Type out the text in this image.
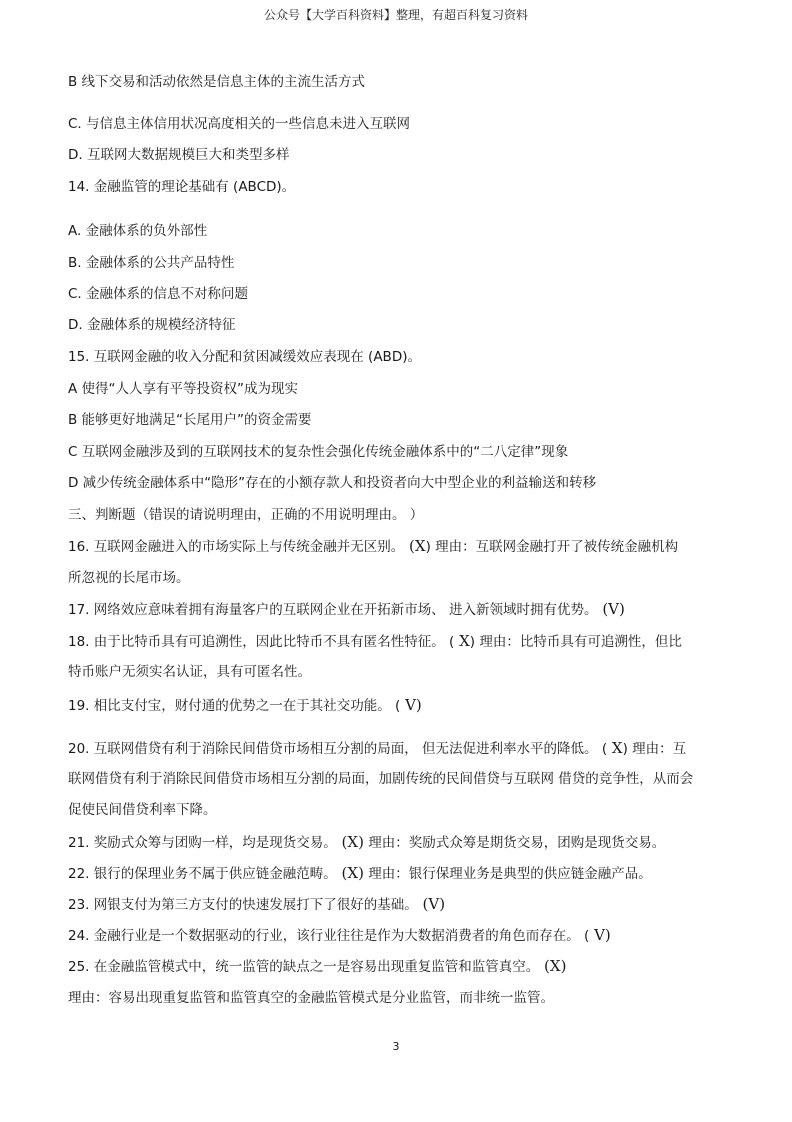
公众号【大学百科资料】整理，有超百科复习资料
B 线下交易和活动依然是信息主体的主流生活方式
C. 与信息主体信用状况高度相关的一些信息未进入互联网
D. 互联网大数据规模巨大和类型多样
14. 金融监管的理论基础有 (ABCD)。
A. 金融体系的负外部性
B. 金融体系的公共产品特性
C. 金融体系的信息不对称问题
D. 金融体系的规模经济特征
15. 互联网金融的收入分配和贫困减缓效应表现在 (ABD)。
A 使得“人人享有平等投资权”成为现实
B 能够更好地满足“长尾用户”的资金需要
C 互联网金融涉及到的互联网技术的复杂性会强化传统金融体系中的“二八定律”现象
D 减少传统金融体系中“隐形”存在的小额存款人和投资者向大中型企业的利益输送和转移
三、判断题（错误的请说明理由，正确的不用说明理由。 ）
16. 互联网金融进入的市场实际上与传统金融并无区别。 (X) 理由：互联网金融打开了被传统金融机构
所忽视的长尾市场。
17. 网络效应意味着拥有海量客户的互联网企业在开拓新市场、 进入新领域时拥有优势。 (V)
18. 由于比特币具有可追溯性，因此比特币不具有匿名性特征。 ( X) 理由：比特币具有可追溯性，但比
特币账户无须实名认证，具有可匿名性。
19. 相比支付宝，财付通的优势之一在于其社交功能。 ( V)
20. 互联网借贷有利于消除民间借贷市场相互分割的局面， 但无法促进利率水平的降低。 ( X) 理由：互
联网借贷有利于消除民间借贷市场相互分割的局面，加剧传统的民间借贷与互联网 借贷的竞争性，从而会
促使民间借贷利率下降。
21. 奖励式众筹与团购一样，均是现货交易。 (X) 理由：奖励式众筹是期货交易，团购是现货交易。
22. 银行的保理业务不属于供应链金融范畴。 (X) 理由：银行保理业务是典型的供应链金融产品。
23. 网银支付为第三方支付的快速发展打下了很好的基础。 (V)
24. 金融行业是一个数据驱动的行业，该行业往往是作为大数据消费者的角色而存在。 ( V)
25. 在金融监管模式中，统一监管的缺点之一是容易出现重复监管和监管真空。 (X)
理由：容易出现重复监管和监管真空的金融监管模式是分业监管，而非统一监管。
3
